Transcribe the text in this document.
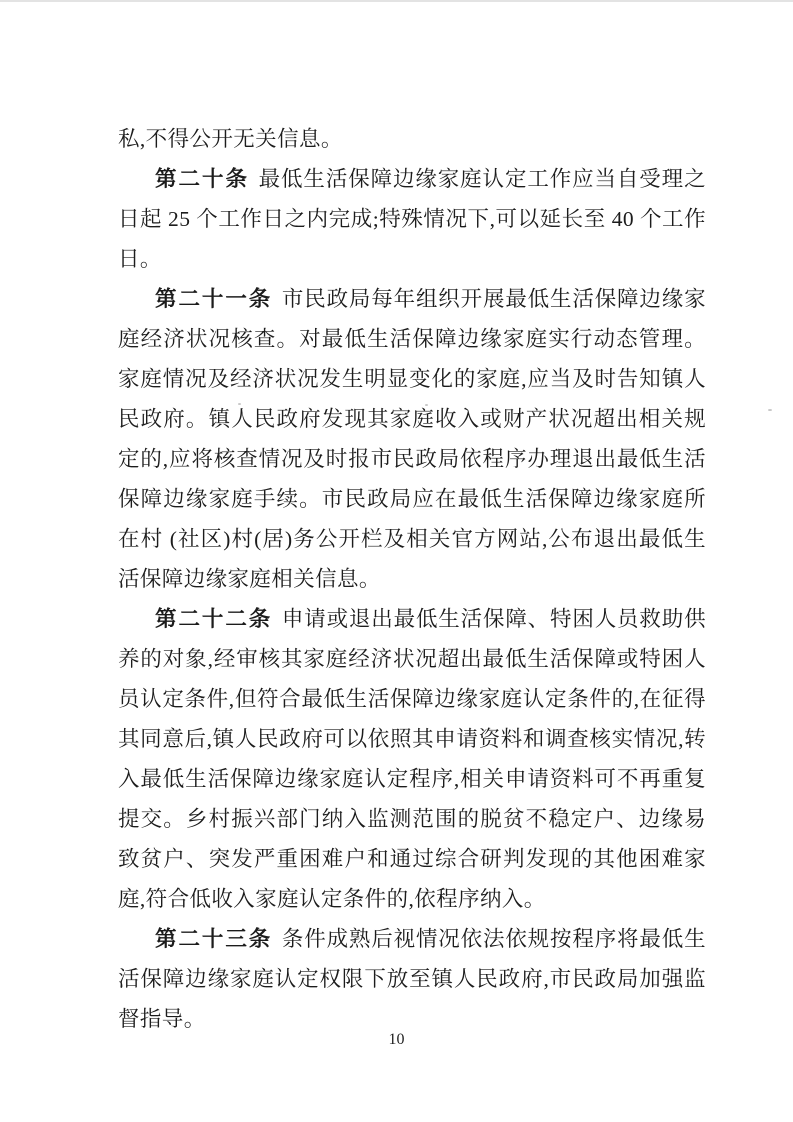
私,不得公开无关信息。

第二十条 最低生活保障边缘家庭认定工作应当自受理之日起 25 个工作日之内完成;特殊情况下,可以延长至 40 个工作日。

第二十一条 市民政局每年组织开展最低生活保障边缘家庭经济状况核查。对最低生活保障边缘家庭实行动态管理。家庭情况及经济状况发生明显变化的家庭,应当及时告知镇人民政府。镇人民政府发现其家庭收入或财产状况超出相关规定的,应将核查情况及时报市民政局依程序办理退出最低生活保障边缘家庭手续。市民政局应在最低生活保障边缘家庭所在村 (社区)村(居)务公开栏及相关官方网站,公布退出最低生活保障边缘家庭相关信息。

第二十二条 申请或退出最低生活保障、特困人员救助供养的对象,经审核其家庭经济状况超出最低生活保障或特困人员认定条件,但符合最低生活保障边缘家庭认定条件的,在征得其同意后,镇人民政府可以依照其申请资料和调查核实情况,转入最低生活保障边缘家庭认定程序,相关申请资料可不再重复提交。乡村振兴部门纳入监测范围的脱贫不稳定户、边缘易致贫户、突发严重困难户和通过综合研判发现的其他困难家庭,符合低收入家庭认定条件的,依程序纳入。

第二十三条 条件成熟后视情况依法依规按程序将最低生活保障边缘家庭认定权限下放至镇人民政府,市民政局加强监督指导。

10
